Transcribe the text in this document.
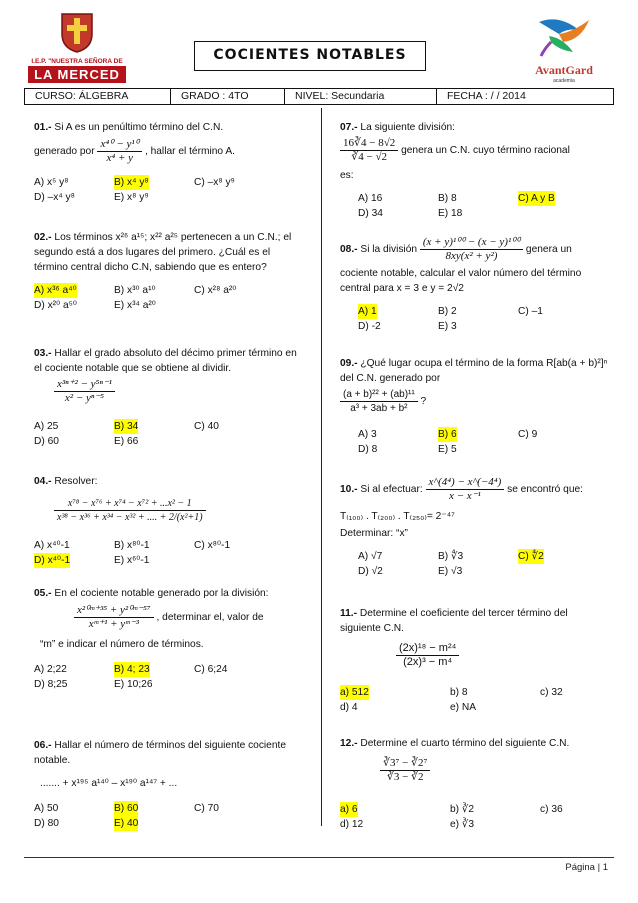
I.E.P. "NUESTRA SEÑORA DE
LA MERCED
COCIENTES NOTABLES
AvantGard
academia
CURSO: ÁLGEBRA	GRADO : 4TO	NIVEL: Secundaria	FECHA : / / 2014
01.- Si A es un penúltimo término del C.N.
generado por $\frac{\text{x⁴⁰ − y¹⁰}}{\text{x⁴ + y}}$ , hallar el término A.
A) x⁵ y⁸	B) x⁴ y⁸	C) –x⁸ y⁹
D) –x⁴ y⁸	E) x⁸ y⁹
02.- Los términos x²⁶ a¹⁵; x²² a²⁵ pertenecen a un C.N.; el segundo está a dos lugares del primero. ¿Cuál es el término central dicho C.N, sabiendo que es entero?
A) x³⁶ a⁴⁰	B) x³⁰ a¹⁰	C) x²⁸ a²⁰
D) x²⁰ a⁵⁰	E) x³⁴ a²⁰
03.- Hallar el grado absoluto del décimo primer término en el cociente notable que se obtiene al dividir.
$\frac{\text{x³ⁿ⁺² − y⁵ⁿ⁻¹}}{\text{x² − yⁿ⁻⁵}}$
A) 25	B) 34	C) 40
D) 60	E) 66
04.- Resolver:
$\frac{\text{x⁷⁸ − x⁷⁶ + x⁷⁴ − x⁷² + ...x² − 1}}{\text{x³⁸ − x³⁶ + x³⁴ − x³² + .... + 2/(x²+1)}}$
A) x⁴⁰-1	B) x⁸⁰-1	C) x⁸⁰-1
D) x⁴⁰-1	E) x⁶⁰-1
05.- En el cociente notable generado por la división:
$\frac{\text{x²⁰ᵐ⁺³⁵ + y²⁰ᵐ⁻⁵⁷}}{\text{xᵐ⁺¹ + yᵐ⁻³}}$ , determinar el, valor de
“m” e indicar el número de términos.
A) 2;22	B) 4; 23	C) 6;24
D) 8;25	E) 10;26
06.- Hallar el número de términos del siguiente cociente notable.
....... + x¹⁹⁵ a¹⁴⁰ – x¹⁹⁰ a¹⁴⁷ + ...
A) 50	B) 60	C) 70
D) 80	E) 40
07.- La siguiente división:
$\frac{16∛4 - 8√2}{∛4 - √2}$ genera un C.N. cuyo término racional
es:
A) 16	B) 8	C) A y B
D) 34	E) 18
08.- Si la división $\frac{\text{(x + y)¹⁰⁰ − (x − y)¹⁰⁰}}{\text{8xy(x² + y²)}}$ genera un
cociente notable, calcular el valor número del término central para x = 3 e y = 2√2
A) 1	B) 2	C) –1
D) -2	E) 3
09.- ¿Qué lugar ocupa el término de la forma R[ab(a + b)²]ⁿ del C.N. generado por
$\frac{\text{(a + b)²² + (ab)¹¹}}{\text{a³ + 3ab + b²}}$ ?
A) 3	B) 6	C) 9
D) 8	E) 5
10.- Si al efectuar: $\frac{\text{x\textasciicircum{}(4⁴) − x\textasciicircum{}(−4⁴)}}{\text{x − x⁻¹}}$ se encontró que:
T₍₁₀₀₎ . T₍₂₀₀₎ . T₍₂₅₀₎= 2⁻⁴⁷
Determinar: “x”
A) √7	B) ∜3	C) ∜2
D) √2	E) √3
11.- Determine el coeficiente del tercer término del siguiente C.N.
$\frac{\text{(2x)¹⁸ − m²⁴}}{\text{(2x)³ − m⁴}}$
a) 512	b) 8	c) 32
d) 4	e) NA
12.- Determine el cuarto término del siguiente C.N.
$\frac{\text{∛3⁷ − ∛2⁷}}{∛3 - ∛2}$
a) 6	b) ∛2	c) 36
d) 12	e) ∛3
Página | 1
